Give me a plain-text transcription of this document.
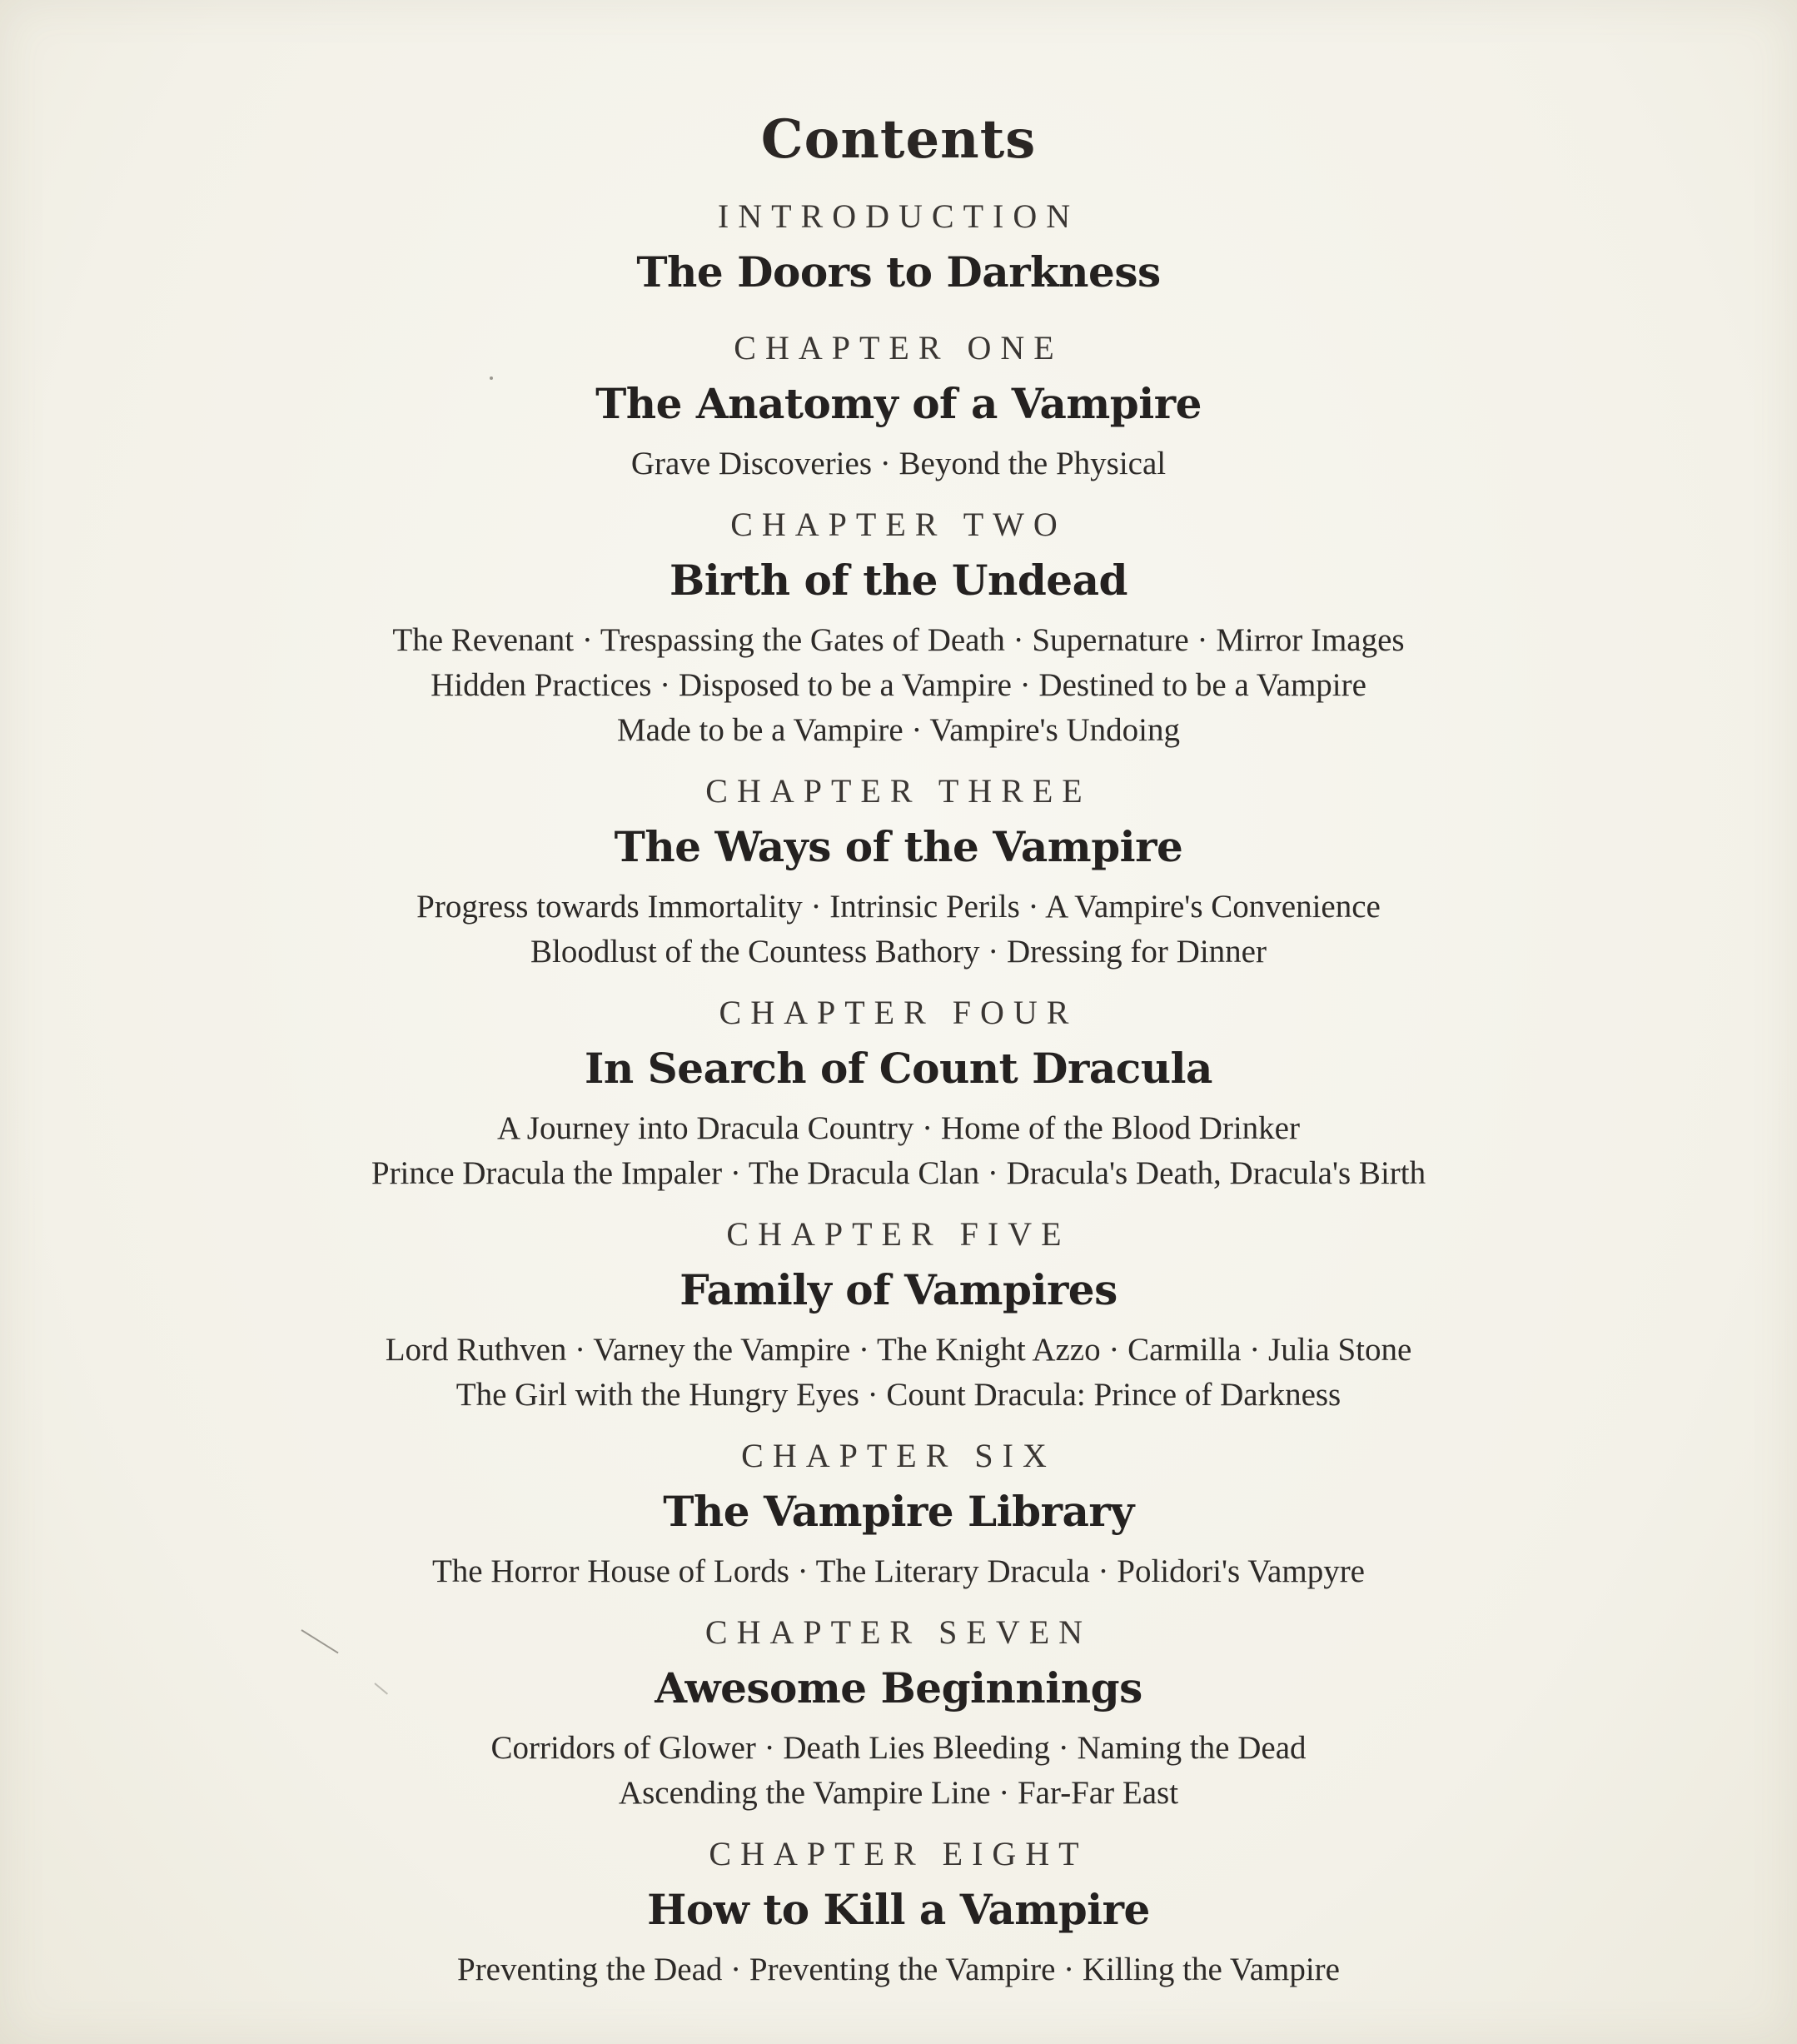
Contents
INTRODUCTION
The Doors to Darkness
CHAPTER ONE
The Anatomy of a Vampire
Grave Discoveries · Beyond the Physical
CHAPTER TWO
Birth of the Undead
The Revenant · Trespassing the Gates of Death · Supernature · Mirror Images
Hidden Practices · Disposed to be a Vampire · Destined to be a Vampire
Made to be a Vampire · Vampire's Undoing
CHAPTER THREE
The Ways of the Vampire
Progress towards Immortality · Intrinsic Perils · A Vampire's Convenience
Bloodlust of the Countess Bathory · Dressing for Dinner
CHAPTER FOUR
In Search of Count Dracula
A Journey into Dracula Country · Home of the Blood Drinker
Prince Dracula the Impaler · The Dracula Clan · Dracula's Death, Dracula's Birth
CHAPTER FIVE
Family of Vampires
Lord Ruthven · Varney the Vampire · The Knight Azzo · Carmilla · Julia Stone
The Girl with the Hungry Eyes · Count Dracula: Prince of Darkness
CHAPTER SIX
The Vampire Library
The Horror House of Lords · The Literary Dracula · Polidori's Vampyre
CHAPTER SEVEN
Awesome Beginnings
Corridors of Glower · Death Lies Bleeding · Naming the Dead
Ascending the Vampire Line · Far-Far East
CHAPTER EIGHT
How to Kill a Vampire
Preventing the Dead · Preventing the Vampire · Killing the Vampire
